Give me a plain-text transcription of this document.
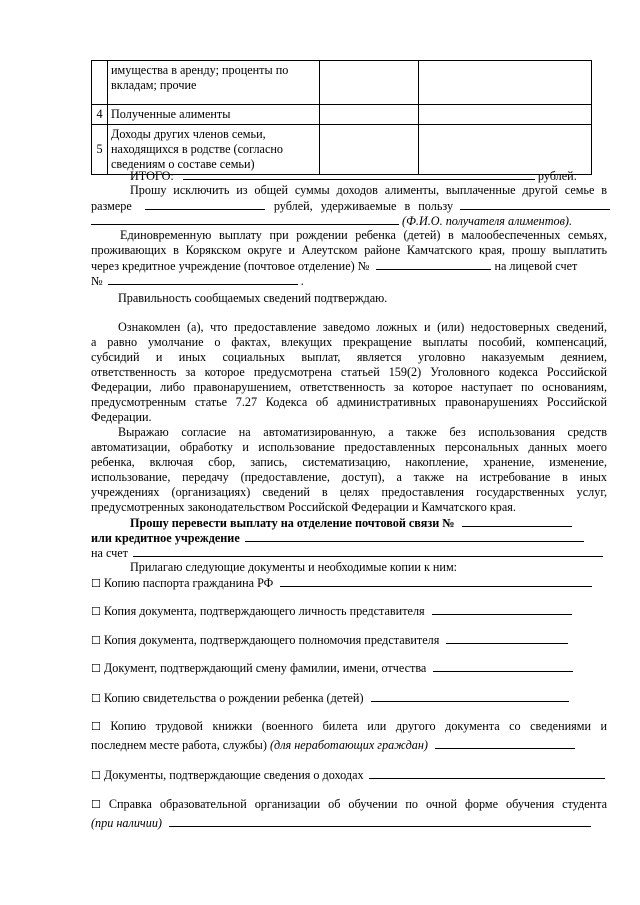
	имущества в аренду; проценты по вкладам; прочие		
4	Полученные алименты		
5	Доходы других членов семьи, находящихся в родстве (согласно сведениям о составе семьи)		
ИТОГО:	рублей.
Прошу исключить из общей суммы доходов алименты, выплаченные другой семье в
размере	рублей, удерживаемые в пользу
(Ф.И.О. получателя алиментов).
Единовременную выплату при рождении ребенка (детей) в малообеспеченных семьях,
проживающих в Корякском округе и Алеутском районе Камчатского края, прошу выплатить
через кредитное учреждение (почтовое отделение) №	на лицевой счет
№	.
Правильность сообщаемых сведений подтверждаю.
Ознакомлен (а), что предоставление заведомо ложных и (или) недостоверных сведений,
а равно умолчание о фактах, влекущих прекращение выплаты пособий, компенсаций,
субсидий и иных социальных выплат, является уголовно наказуемым деянием,
ответственность за которое предусмотрена статьей 159(2) Уголовного кодекса Российской
Федерации, либо правонарушением, ответственность за которое наступает по основаниям,
предусмотренным статье 7.27 Кодекса об административных правонарушениях Российской
Федерации.
Выражаю согласие на автоматизированную, а также без использования средств
автоматизации, обработку и использование предоставленных персональных данных моего
ребенка, включая сбор, запись, систематизацию, накопление, хранение, изменение,
использование, передачу (предоставление, доступ), а также на истребование в иных
учреждениях (организациях) сведений в целях предоставления государственных услуг,
предусмотренных законодательством Российской Федерации и Камчатского края.
Прошу перевести выплату на отделение почтовой связи №
или кредитное учреждение
на счет
Прилагаю следующие документы и необходимые копии к ним:
☐ Копию паспорта гражданина РФ
☐ Копия документа, подтверждающего личность представителя
☐ Копия документа, подтверждающего полномочия представителя
☐ Документ, подтверждающий смену фамилии, имени, отчества
☐ Копию свидетельства о рождении ребенка (детей)
☐ Копию трудовой книжки (военного билета или другого документа со сведениями и
последнем месте работа, службы) (для неработающих граждан)
☐ Документы, подтверждающие сведения о доходах
☐ Справка образовательной организации об обучении по очной форме обучения студента
(при наличии)
